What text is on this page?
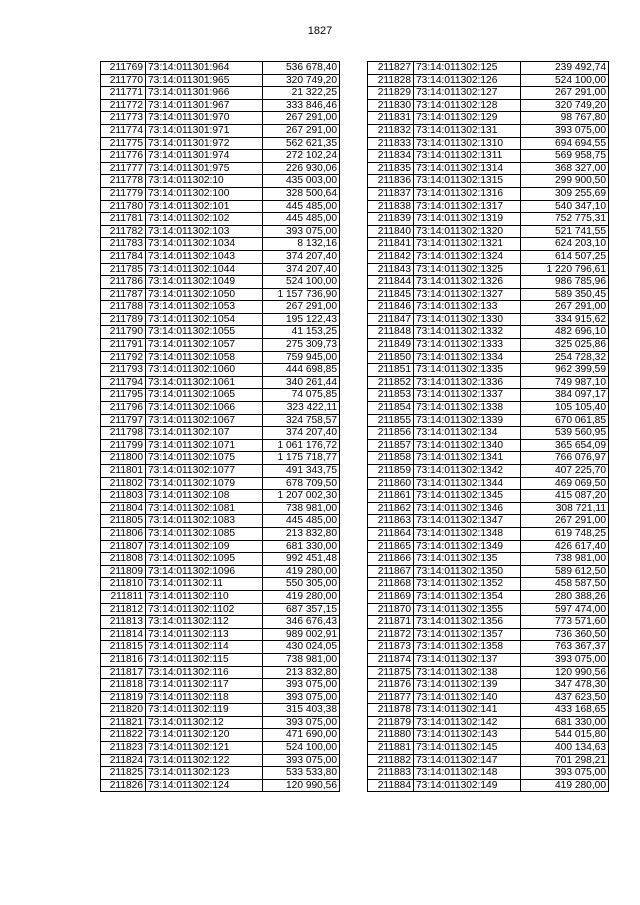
1827
211769	73:14:011301:964	536 678,40
211770	73:14:011301:965	320 749,20
211771	73:14:011301:966	21 322,25
211772	73:14:011301:967	333 846,46
211773	73:14:011301:970	267 291,00
211774	73:14:011301:971	267 291,00
211775	73:14:011301:972	562 621,35
211776	73:14:011301:974	272 102,24
211777	73:14:011301:975	226 930,06
211778	73:14:011302:10	435 003,00
211779	73:14:011302:100	328 500,64
211780	73:14:011302:101	445 485,00
211781	73:14:011302:102	445 485,00
211782	73:14:011302:103	393 075,00
211783	73:14:011302:1034	8 132,16
211784	73:14:011302:1043	374 207,40
211785	73:14:011302:1044	374 207,40
211786	73:14:011302:1049	524 100,00
211787	73:14:011302:1050	1 157 736,90
211788	73:14:011302:1053	267 291,00
211789	73:14:011302:1054	195 122,43
211790	73:14:011302:1055	41 153,25
211791	73:14:011302:1057	275 309,73
211792	73:14:011302:1058	759 945,00
211793	73:14:011302:1060	444 698,85
211794	73:14:011302:1061	340 261,44
211795	73:14:011302:1065	74 075,85
211796	73:14:011302:1066	323 422,11
211797	73:14:011302:1067	324 758,57
211798	73:14:011302:107	374 207,40
211799	73:14:011302:1071	1 061 176,72
211800	73:14:011302:1075	1 175 718,77
211801	73:14:011302:1077	491 343,75
211802	73:14:011302:1079	678 709,50
211803	73:14:011302:108	1 207 002,30
211804	73:14:011302:1081	738 981,00
211805	73:14:011302:1083	445 485,00
211806	73:14:011302:1085	213 832,80
211807	73:14:011302:109	681 330,00
211808	73:14:011302:1095	992 451,48
211809	73:14:011302:1096	419 280,00
211810	73:14:011302:11	550 305,00
211811	73:14:011302:110	419 280,00
211812	73:14:011302:1102	687 357,15
211813	73:14:011302:112	346 676,43
211814	73:14:011302:113	989 002,91
211815	73:14:011302:114	430 024,05
211816	73:14:011302:115	738 981,00
211817	73:14:011302:116	213 832,80
211818	73:14:011302:117	393 075,00
211819	73:14:011302:118	393 075,00
211820	73:14:011302:119	315 403,38
211821	73:14:011302:12	393 075,00
211822	73:14:011302:120	471 690,00
211823	73:14:011302:121	524 100,00
211824	73:14:011302:122	393 075,00
211825	73:14:011302:123	533 533,80
211826	73:14:011302:124	120 990,56
211827	73:14:011302:125	239 492,74
211828	73:14:011302:126	524 100,00
211829	73:14:011302:127	267 291,00
211830	73:14:011302:128	320 749,20
211831	73:14:011302:129	98 767,80
211832	73:14:011302:131	393 075,00
211833	73:14:011302:1310	694 694,55
211834	73:14:011302:1311	569 958,75
211835	73:14:011302:1314	368 327,00
211836	73:14:011302:1315	299 900,50
211837	73:14:011302:1316	309 255,69
211838	73:14:011302:1317	540 347,10
211839	73:14:011302:1319	752 775,31
211840	73:14:011302:1320	521 741,55
211841	73:14:011302:1321	624 203,10
211842	73:14:011302:1324	614 507,25
211843	73:14:011302:1325	1 220 796,61
211844	73:14:011302:1326	986 785,96
211845	73:14:011302:1327	589 350,45
211846	73:14:011302:133	267 291,00
211847	73:14:011302:1330	334 915,62
211848	73:14:011302:1332	482 696,10
211849	73:14:011302:1333	325 025,86
211850	73:14:011302:1334	254 728,32
211851	73:14:011302:1335	962 399,59
211852	73:14:011302:1336	749 987,10
211853	73:14:011302:1337	384 097,17
211854	73:14:011302:1338	105 105,40
211855	73:14:011302:1339	670 061,85
211856	73:14:011302:134	539 560,95
211857	73:14:011302:1340	365 654,09
211858	73:14:011302:1341	766 076,97
211859	73:14:011302:1342	407 225,70
211860	73:14:011302:1344	469 069,50
211861	73:14:011302:1345	415 087,20
211862	73:14:011302:1346	308 721,11
211863	73:14:011302:1347	267 291,00
211864	73:14:011302:1348	619 748,25
211865	73:14:011302:1349	426 617,40
211866	73:14:011302:135	738 981,00
211867	73:14:011302:1350	589 612,50
211868	73:14:011302:1352	458 587,50
211869	73:14:011302:1354	280 388,26
211870	73:14:011302:1355	597 474,00
211871	73:14:011302:1356	773 571,60
211872	73:14:011302:1357	736 360,50
211873	73:14:011302:1358	763 367,37
211874	73:14:011302:137	393 075,00
211875	73:14:011302:138	120 990,56
211876	73:14:011302:139	347 478,30
211877	73:14:011302:140	437 623,50
211878	73:14:011302:141	433 168,65
211879	73:14:011302:142	681 330,00
211880	73:14:011302:143	544 015,80
211881	73:14:011302:145	400 134,63
211882	73:14:011302:147	701 298,21
211883	73:14:011302:148	393 075,00
211884	73:14:011302:149	419 280,00
